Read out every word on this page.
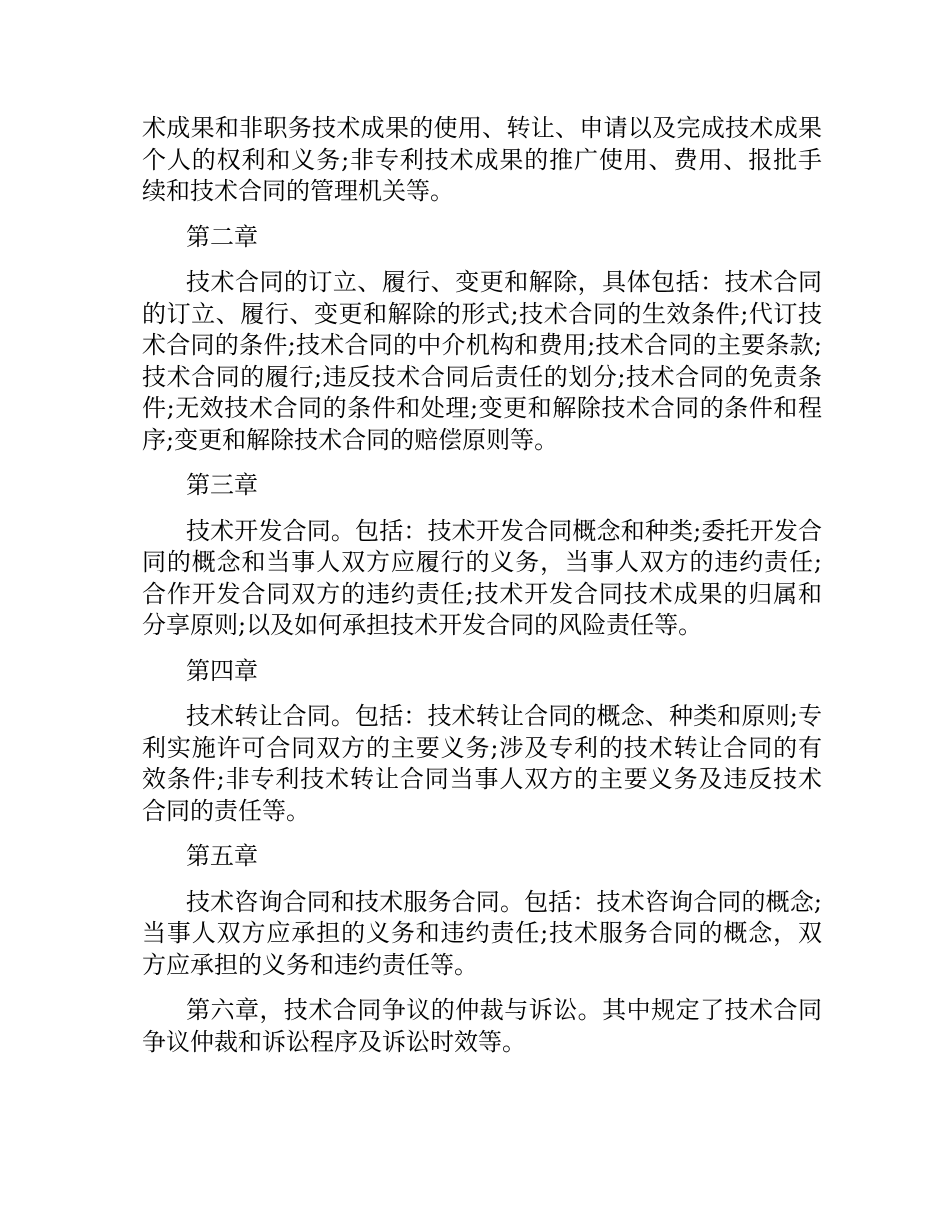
术成果和非职务技术成果的使用、转让、申请以及完成技术成果个人的权利和义务;非专利技术成果的推广使用、费用、报批手续和技术合同的管理机关等。

第二章

技术合同的订立、履行、变更和解除，具体包括：技术合同的订立、履行、变更和解除的形式;技术合同的生效条件;代订技术合同的条件;技术合同的中介机构和费用;技术合同的主要条款;技术合同的履行;违反技术合同后责任的划分;技术合同的免责条件;无效技术合同的条件和处理;变更和解除技术合同的条件和程序;变更和解除技术合同的赔偿原则等。

第三章

技术开发合同。包括：技术开发合同概念和种类;委托开发合同的概念和当事人双方应履行的义务，当事人双方的违约责任;合作开发合同双方的违约责任;技术开发合同技术成果的归属和分享原则;以及如何承担技术开发合同的风险责任等。

第四章

技术转让合同。包括：技术转让合同的概念、种类和原则;专利实施许可合同双方的主要义务;涉及专利的技术转让合同的有效条件;非专利技术转让合同当事人双方的主要义务及违反技术合同的责任等。

第五章

技术咨询合同和技术服务合同。包括：技术咨询合同的概念;当事人双方应承担的义务和违约责任;技术服务合同的概念，双方应承担的义务和违约责任等。

第六章，技术合同争议的仲裁与诉讼。其中规定了技术合同争议仲裁和诉讼程序及诉讼时效等。
